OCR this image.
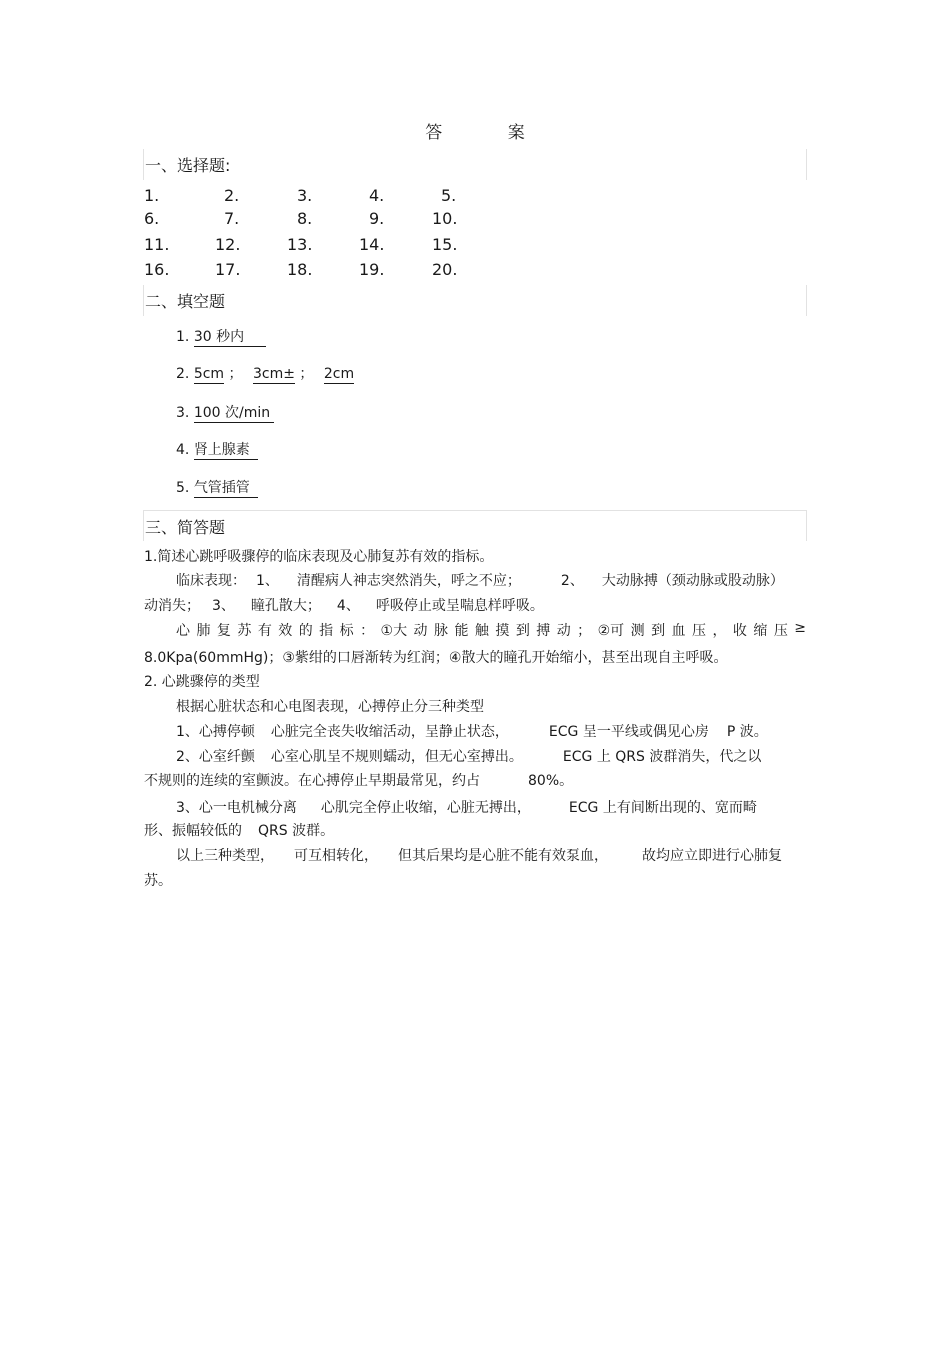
答 案
一、选择题:
1.	2.	3.	4.	5.
6.	7.	8.	9.	10.
11.	12.	13.	14.	15.
16.	17.	18.	19.	20.
二、填空题
1. 30 秒内
2. 5cm ； 3cm± ； 2cm
3. 100 次/min
4. 肾上腺素
5. 气管插管
三、简答题
1.简述心跳呼吸骤停的临床表现及心肺复苏有效的指标。
临床表现： 1、 清醒病人神志突然消失，呼之不应；	2、 大动脉搏（颈动脉或股动脉）
动消失； 3、 瞳孔散大； 4、 呼吸停止或呈喘息样呼吸。
心 肺 复 苏 有 效 的 指 标 ： ①大 动 脉 能 触 摸 到 搏 动 ； ②可 测 到 血 压 ， 收 缩 压 ≥
8.0Kpa(60mmHg)；③紫绀的口唇渐转为红润；④散大的瞳孔开始缩小，甚至出现自主呼吸。
2. 心跳骤停的类型
根据心脏状态和心电图表现，心搏停止分三种类型
1、心搏停顿 心脏完全丧失收缩活动，呈静止状态，	ECG 呈一平线或偶见心房 P 波。
2、心室纤颤 心室心肌呈不规则蠕动，但无心室搏出。	ECG 上 QRS 波群消失，代之以
不规则的连续的室颤波。在心搏停止早期最常见，约占	80%。
3、心一电机械分离 心肌完全停止收缩，心脏无搏出，	ECG 上有间断出现的、宽而畸
形、振幅较低的 QRS 波群。
以上三种类型， 可互相转化， 但其后果均是心脏不能有效泵血， 故均应立即进行心肺复
苏。
